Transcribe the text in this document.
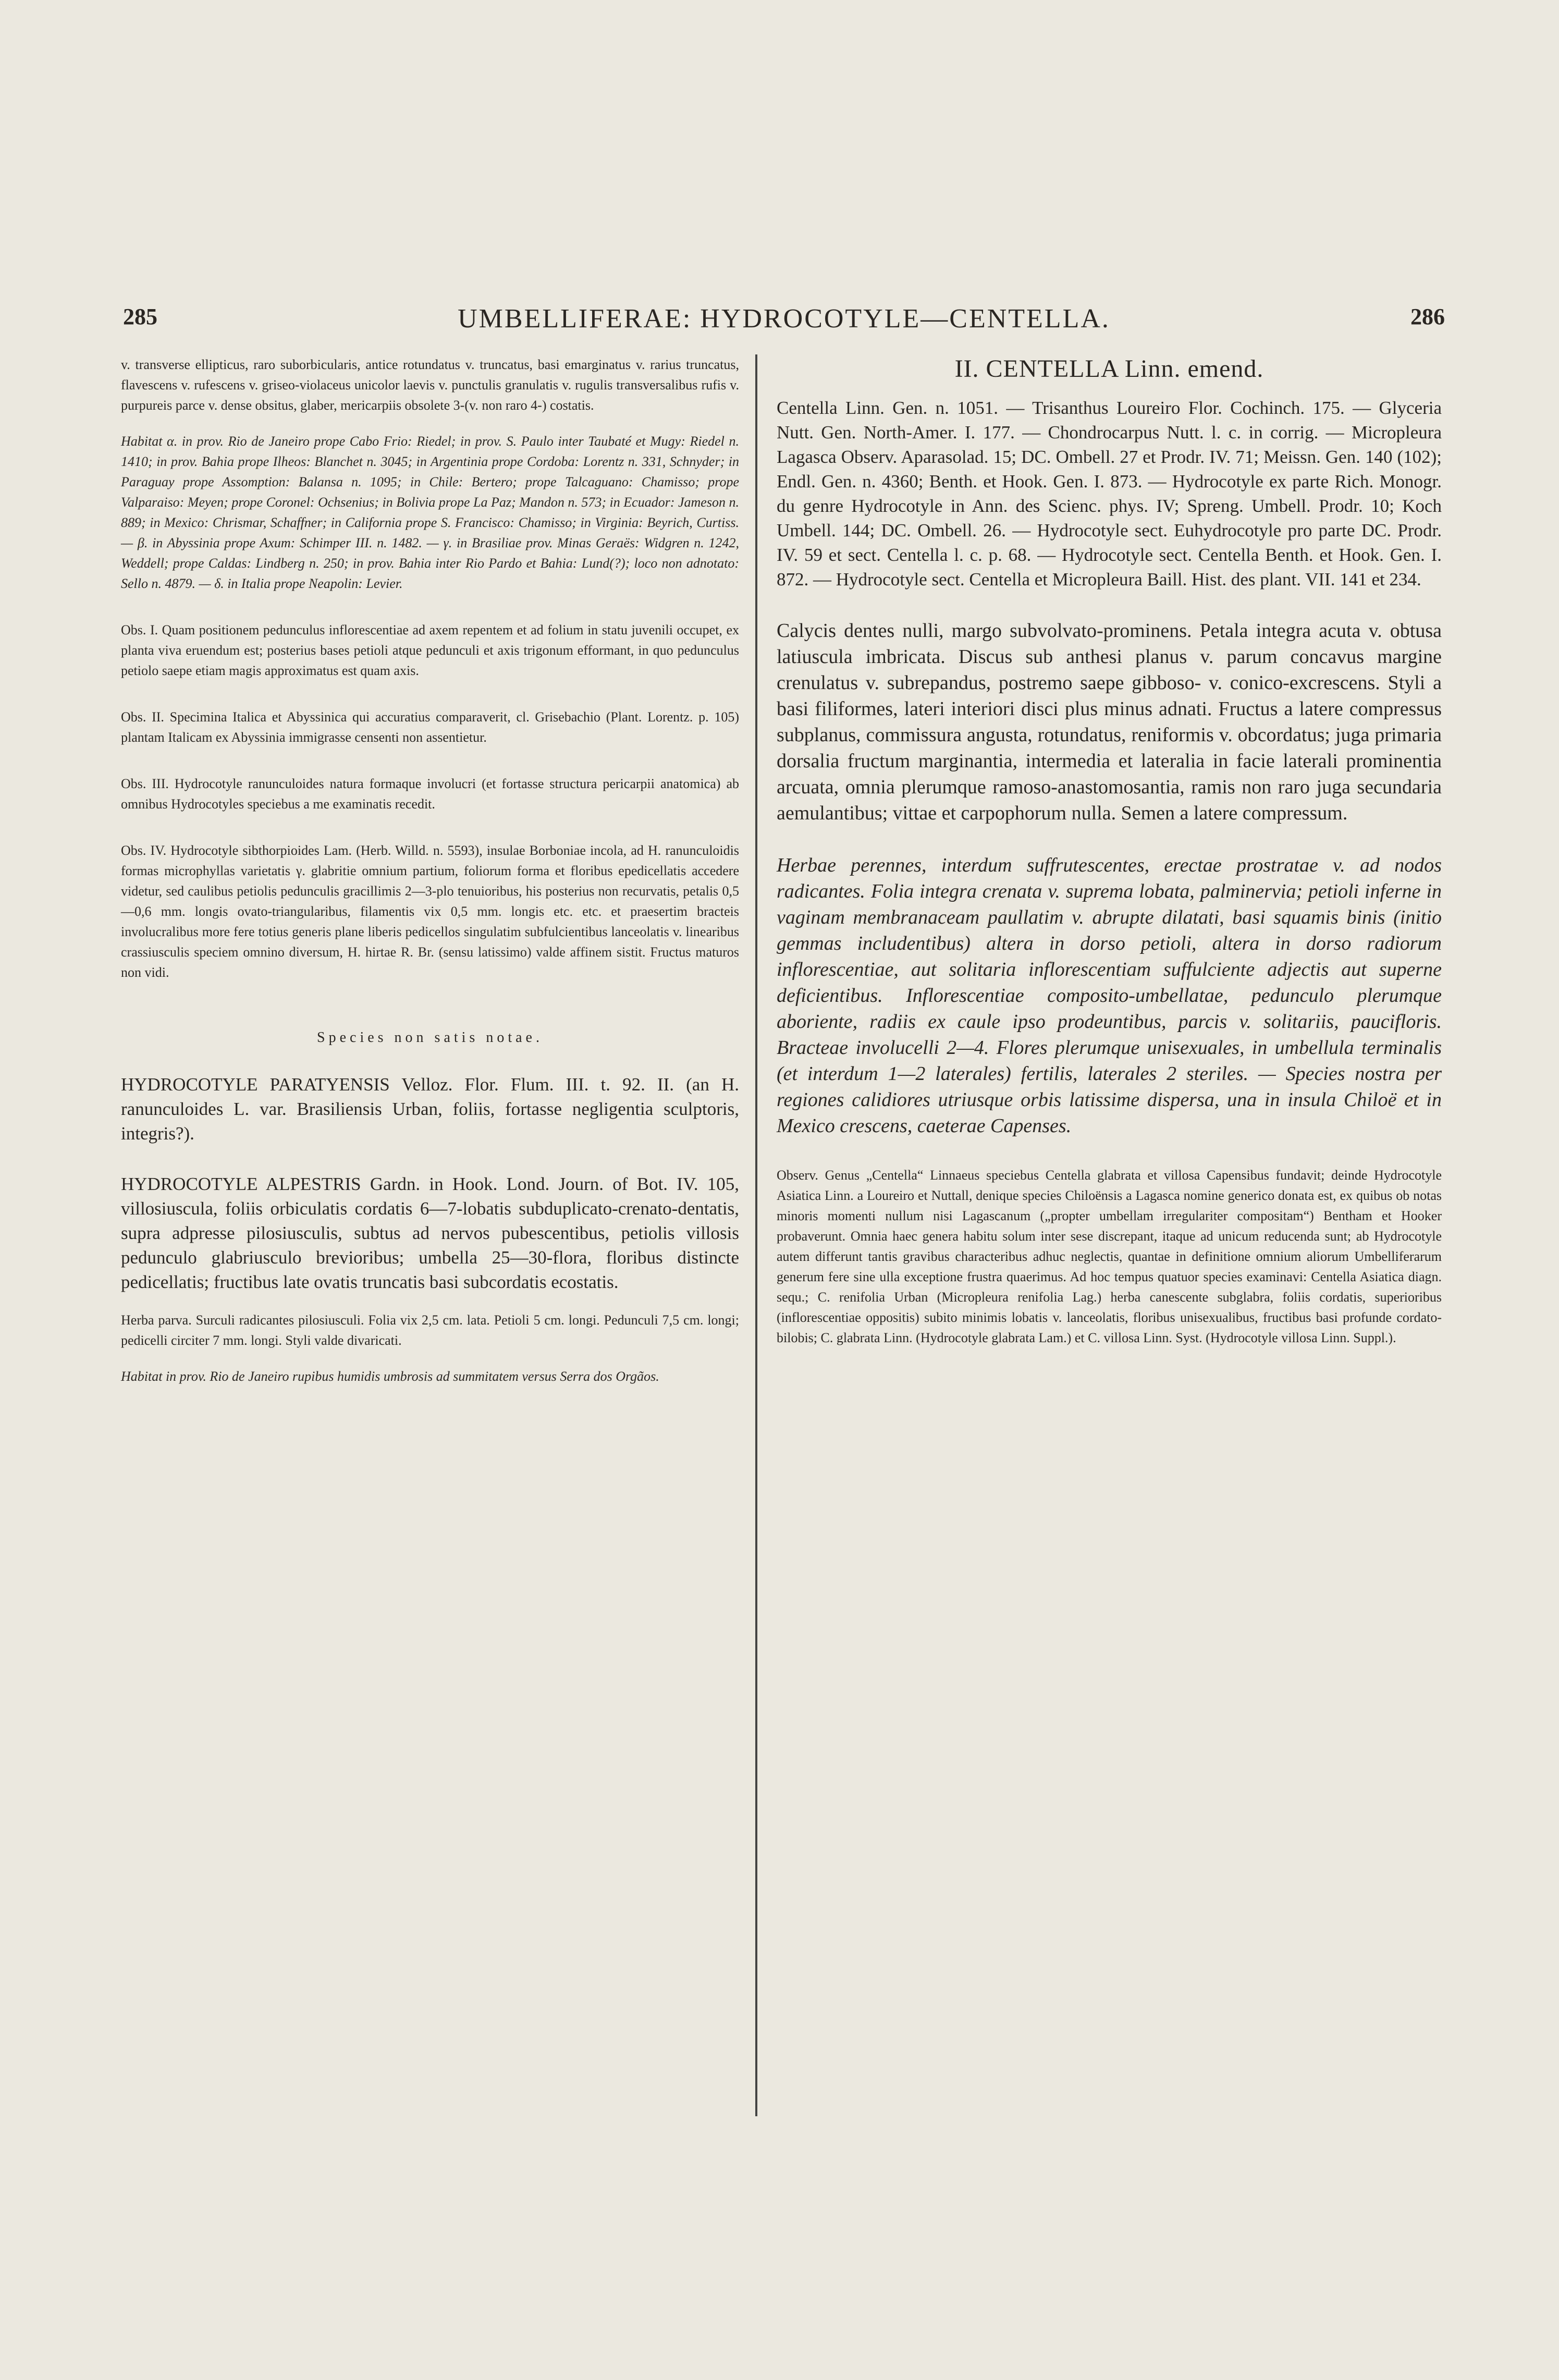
285	UMBELLIFERAE: HYDROCOTYLE—CENTELLA.	286

v. transverse ellipticus, raro suborbicularis, antice rotundatus v. truncatus, basi emarginatus v. rarius truncatus, flavescens v. rufescens v. griseo-violaceus unicolor laevis v. punctulis granulatis v. rugulis transversalibus rufis v. purpureis parce v. dense obsitus, glaber, mericarpiis obsolete 3-(v. non raro 4-) costatis.

Habitat α. in prov. Rio de Janeiro prope Cabo Frio: Riedel; in prov. S. Paulo inter Taubaté et Mugy: Riedel n. 1410; in prov. Bahia prope Ilheos: Blanchet n. 3045; in Argentinia prope Cordoba: Lorentz n. 331, Schnyder; in Paraguay prope Assomption: Balansa n. 1095; in Chile: Bertero; prope Talcaguano: Chamisso; prope Valparaiso: Meyen; prope Coronel: Ochsenius; in Bolivia prope La Paz; Mandon n. 573; in Ecuador: Jameson n. 889; in Mexico: Chrismar, Schaffner; in California prope S. Francisco: Chamisso; in Virginia: Beyrich, Curtiss. — β. in Abyssinia prope Axum: Schimper III. n. 1482. — γ. in Brasiliae prov. Minas Geraës: Widgren n. 1242, Weddell; prope Caldas: Lindberg n. 250; in prov. Bahia inter Rio Pardo et Bahia: Lund(?); loco non adnotato: Sello n. 4879. — δ. in Italia prope Neapolin: Levier.

Obs. I. Quam positionem pedunculus inflorescentiae ad axem repentem et ad folium in statu juvenili occupet, ex planta viva eruendum est; posterius bases petioli atque pedunculi et axis trigonum efformant, in quo pedunculus petiolo saepe etiam magis approximatus est quam axis.

Obs. II. Specimina Italica et Abyssinica qui accuratius comparaverit, cl. Grisebachio (Plant. Lorentz. p. 105) plantam Italicam ex Abyssinia immigrasse censenti non assentietur.

Obs. III. Hydrocotyle ranunculoides natura formaque involucri (et fortasse structura pericarpii anatomica) ab omnibus Hydrocotyles speciebus a me examinatis recedit.

Obs. IV. Hydrocotyle sibthorpioides Lam. (Herb. Willd. n. 5593), insulae Borboniae incola, ad H. ranunculoidis formas microphyllas varietatis γ. glabritie omnium partium, foliorum forma et floribus epedicellatis accedere videtur, sed caulibus petiolis pedunculis gracillimis 2—3-plo tenuioribus, his posterius non recurvatis, petalis 0,5—0,6 mm. longis ovato-triangularibus, filamentis vix 0,5 mm. longis etc. etc. et praesertim bracteis involucralibus more fere totius generis plane liberis pedicellos singulatim subfulcientibus lanceolatis v. linearibus crassiusculis speciem omnino diversum, H. hirtae R. Br. (sensu latissimo) valde affinem sistit. Fructus maturos non vidi.

Species non satis notae.

HYDROCOTYLE PARATYENSIS Velloz. Flor. Flum. III. t. 92. II. (an H. ranunculoides L. var. Brasiliensis Urban, foliis, fortasse negligentia sculptoris, integris?).

HYDROCOTYLE ALPESTRIS Gardn. in Hook. Lond. Journ. of Bot. IV. 105, villosiuscula, foliis orbiculatis cordatis 6—7-lobatis subduplicato-crenato-dentatis, supra adpresse pilosiusculis, subtus ad nervos pubescentibus, petiolis villosis pedunculo glabriusculo brevioribus; umbella 25—30-flora, floribus distincte pedicellatis; fructibus late ovatis truncatis basi subcordatis ecostatis.

Herba parva. Surculi radicantes pilosiusculi. Folia vix 2,5 cm. lata. Petioli 5 cm. longi. Pedunculi 7,5 cm. longi; pedicelli circiter 7 mm. longi. Styli valde divaricati.

Habitat in prov. Rio de Janeiro rupibus humidis umbrosis ad summitatem versus Serra dos Orgãos.

II. CENTELLA Linn. emend.

Centella Linn. Gen. n. 1051. — Trisanthus Loureiro Flor. Cochinch. 175. — Glyceria Nutt. Gen. North-Amer. I. 177. — Chondrocarpus Nutt. l. c. in corrig. — Micropleura Lagasca Observ. Aparasolad. 15; DC. Ombell. 27 et Prodr. IV. 71; Meissn. Gen. 140 (102); Endl. Gen. n. 4360; Benth. et Hook. Gen. I. 873. — Hydrocotyle ex parte Rich. Monogr. du genre Hydrocotyle in Ann. des Scienc. phys. IV; Spreng. Umbell. Prodr. 10; Koch Umbell. 144; DC. Ombell. 26. — Hydrocotyle sect. Euhydrocotyle pro parte DC. Prodr. IV. 59 et sect. Centella l. c. p. 68. — Hydrocotyle sect. Centella Benth. et Hook. Gen. I. 872. — Hydrocotyle sect. Centella et Micropleura Baill. Hist. des plant. VII. 141 et 234.

Calycis dentes nulli, margo subvolvato-prominens. Petala integra acuta v. obtusa latiuscula imbricata. Discus sub anthesi planus v. parum concavus margine crenulatus v. subrepandus, postremo saepe gibboso- v. conico-excrescens. Styli a basi filiformes, lateri interiori disci plus minus adnati. Fructus a latere compressus subplanus, commissura angusta, rotundatus, reniformis v. obcordatus; juga primaria dorsalia fructum marginantia, intermedia et lateralia in facie laterali prominentia arcuata, omnia plerumque ramoso-anastomosantia, ramis non raro juga secundaria aemulantibus; vittae et carpophorum nulla. Semen a latere compressum.

Herbae perennes, interdum suffrutescentes, erectae prostratae v. ad nodos radicantes. Folia integra crenata v. suprema lobata, palminervia; petioli inferne in vaginam membranaceam paullatim v. abrupte dilatati, basi squamis binis (initio gemmas includentibus) altera in dorso petioli, altera in dorso radiorum inflorescentiae, aut solitaria inflorescentiam suffulciente adjectis aut superne deficientibus. Inflorescentiae composito-umbellatae, pedunculo plerumque aboriente, radiis ex caule ipso prodeuntibus, parcis v. solitariis, paucifloris. Bracteae involucelli 2—4. Flores plerumque unisexuales, in umbellula terminalis (et interdum 1—2 laterales) fertilis, laterales 2 steriles. — Species nostra per regiones calidiores utriusque orbis latissime dispersa, una in insula Chiloë et in Mexico crescens, caeterae Capenses.

Observ. Genus „Centella“ Linnaeus speciebus Centella glabrata et villosa Capensibus fundavit; deinde Hydrocotyle Asiatica Linn. a Loureiro et Nuttall, denique species Chiloënsis a Lagasca nomine generico donata est, ex quibus ob notas minoris momenti nullum nisi Lagascanum („propter umbellam irregulariter compositam“) Bentham et Hooker probaverunt. Omnia haec genera habitu solum inter sese discrepant, itaque ad unicum reducenda sunt; ab Hydrocotyle autem differunt tantis gravibus characteribus adhuc neglectis, quantae in definitione omnium aliorum Umbelliferarum generum fere sine ulla exceptione frustra quaerimus. Ad hoc tempus quatuor species examinavi: Centella Asiatica diagn. sequ.; C. renifolia Urban (Micropleura renifolia Lag.) herba canescente subglabra, foliis cordatis, superioribus (inflorescentiae oppositis) subito minimis lobatis v. lanceolatis, floribus unisexualibus, fructibus basi profunde cordato-bilobis; C. glabrata Linn. (Hydrocotyle glabrata Lam.) et C. villosa Linn. Syst. (Hydrocotyle villosa Linn. Suppl.).
